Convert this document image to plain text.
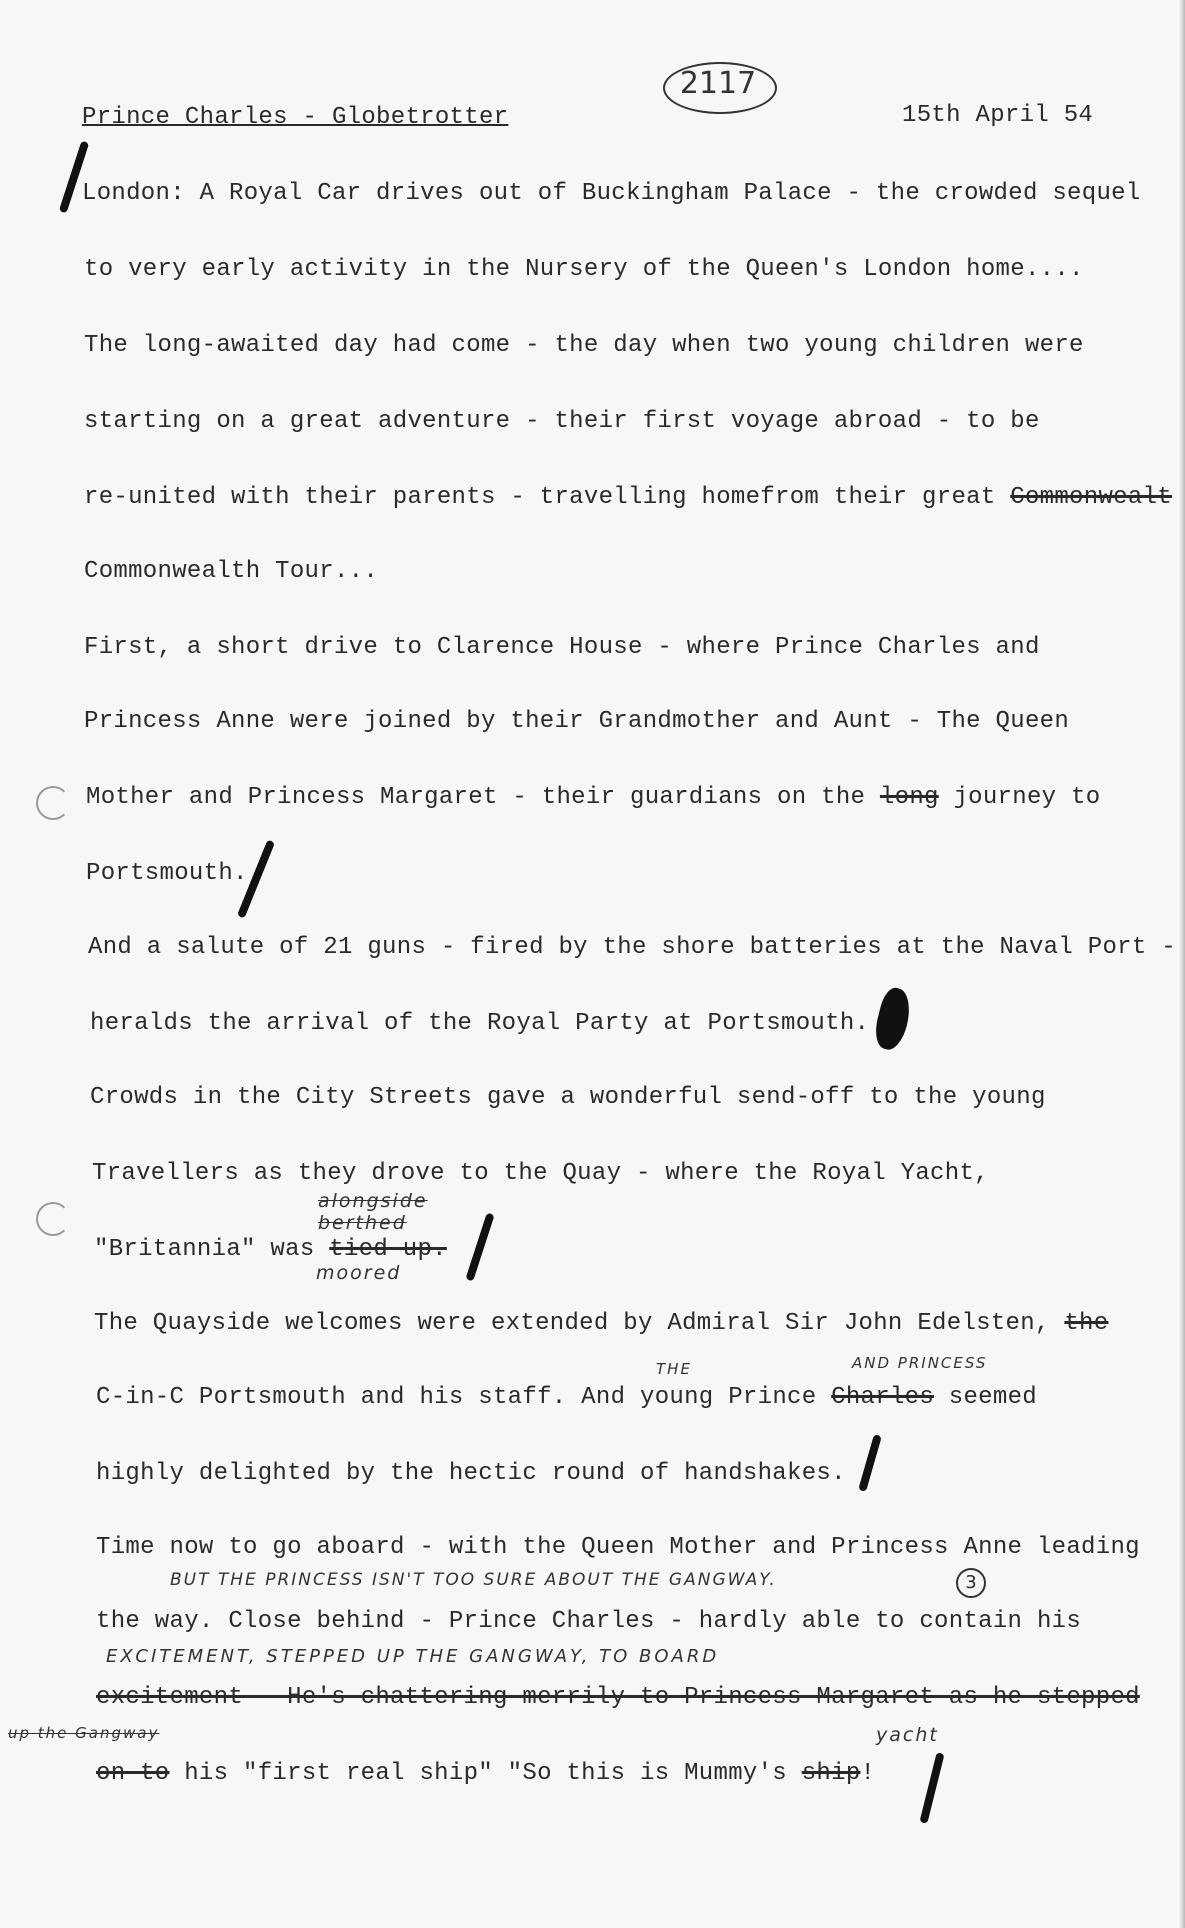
2117
Prince Charles - Globetrotter	15th April 54
London: A Royal Car drives out of Buckingham Palace - the crowded sequel
to very early activity in the Nursery of the Queen's London home....
The long-awaited day had come - the day when two young children were
starting on a great adventure - their first voyage abroad - to be
re-united with their parents - travelling homefrom their great Commonwealt
Commonwealth Tour...
First, a short drive to Clarence House - where Prince Charles and
Princess Anne were joined by their Grandmother and Aunt - The Queen
Mother and Princess Margaret - their guardians on the long journey to
Portsmouth.
And a salute of 21 guns - fired by the shore batteries at the Naval Port -
heralds the arrival of the Royal Party at Portsmouth.
Crowds in the City Streets gave a wonderful send-off to the young
Travellers as they drove to the Quay - where the Royal Yacht,
alongside
berthed
"Britannia" was tied up.
moored
The Quayside welcomes were extended by Admiral Sir John Edelsten, the
THE	AND PRINCESS
C-in-C Portsmouth and his staff. And young Prince Charles seemed
highly delighted by the hectic round of handshakes.
Time now to go aboard - with the Queen Mother and Princess Anne leading
BUT THE PRINCESS ISN'T TOO SURE ABOUT THE GANGWAY.	3
the way. Close behind - Prince Charles - hardly able to contain his
EXCITEMENT, STEPPED UP THE GANGWAY, TO BOARD
excitement - He's chattering merrily to Princess Margaret as he stepped
up the Gangway	yacht
on to his "first real ship" "So this is Mummy's ship!
